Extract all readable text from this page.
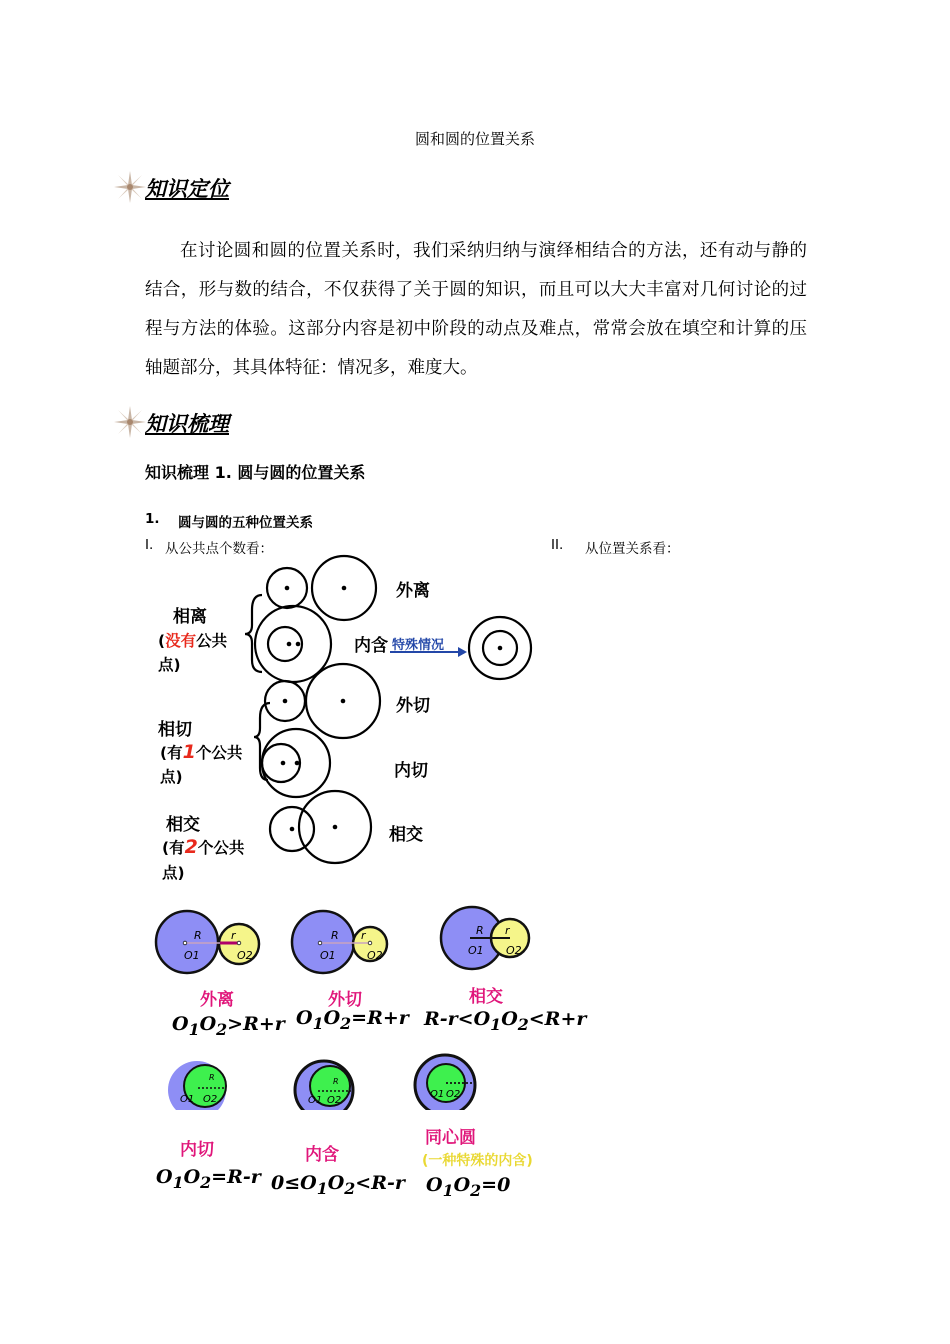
圆和圆的位置关系
知识定位
在讨论圆和圆的位置关系时，我们采纳归纳与演绎相结合的方法，还有动与静的结合，形与数的结合，不仅获得了关于圆的知识，而且可以大大丰富对几何讨论的过程与方法的体验。这部分内容是初中阶段的动点及难点，常常会放在填空和计算的压轴题部分，其具体特征：情况多，难度大。
知识梳理
知识梳理 1. 圆与圆的位置关系
1. 圆与圆的五种位置关系
I. 从公共点个数看：	II. 从位置关系看：
相离
(没有公共
点)
外离
内含 特殊情况
相切
(有1个公共
点)
外切
内切
相交
(有2个公共
点)
相交
R	r
O1	O2
R r
O1	O2
R r
O1 O2
R
O1 O2
R
O1 O2
O1 O2
外离	外切	相交
内切	内含
同心圆
(一种特殊的内含)
$O_1O_2>R+r$ $O_1O_2=R+r$ $R-r<O_1O_2<R+r$
$O_1O_2=R-r$ $0\le O_1O_2<R-r$ $O_1O_2=0$
